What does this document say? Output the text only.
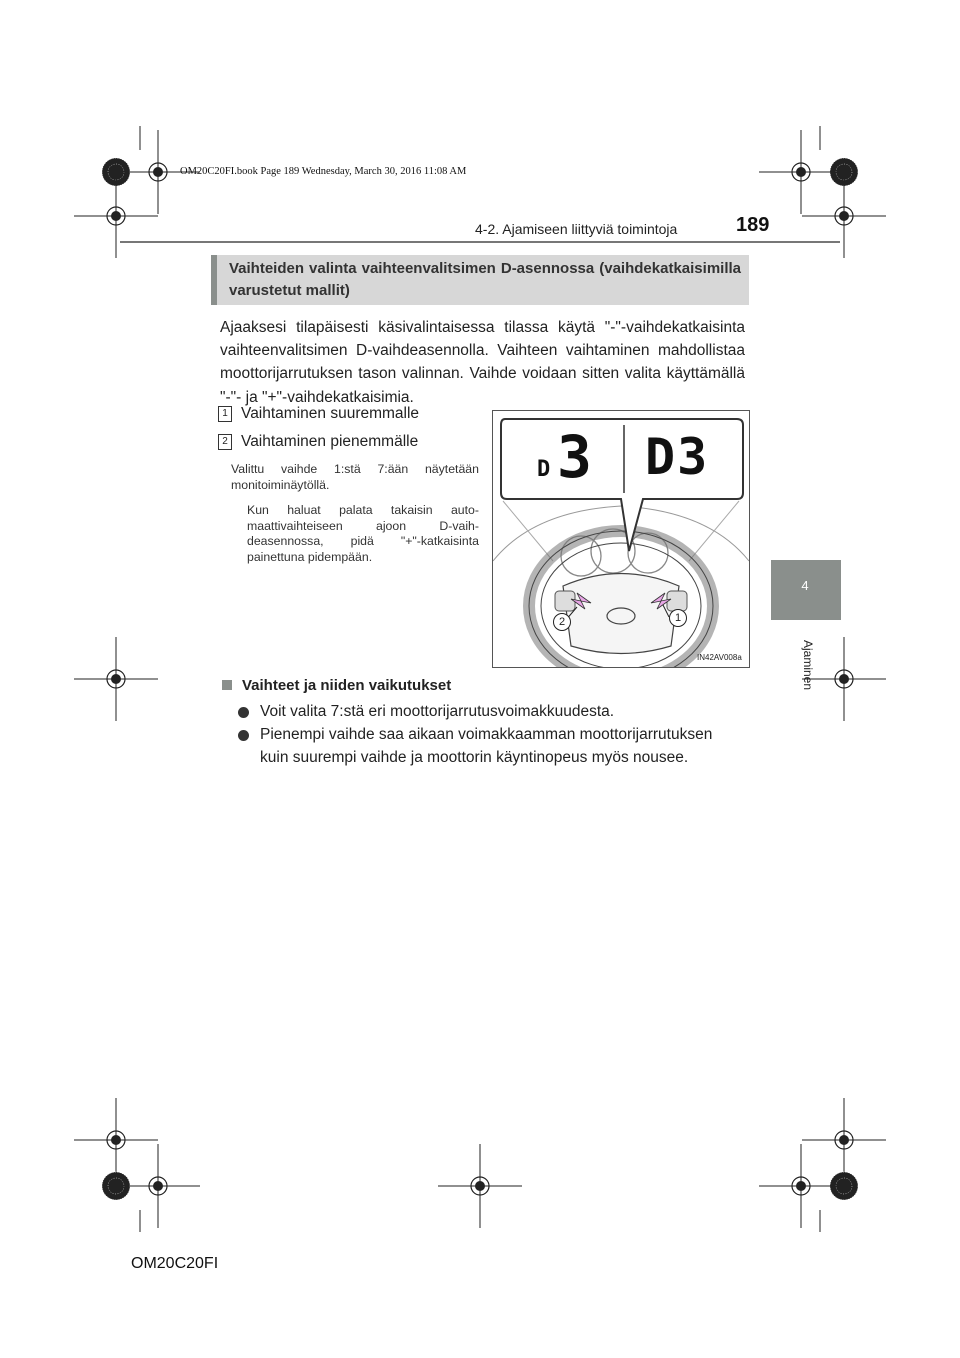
OM20C20FI.book Page 189 Wednesday, March 30, 2016 11:08 AM
4-2. Ajamiseen liittyviä toimintoja	189
4
Ajaminen
Vaihteiden valinta vaihteenvalitsimen D-asennossa (vaihdekatkaisimilla varustetut mallit)
Ajaaksesi tilapäisesti käsivalintaisessa tilassa käytä "-"-vaihdekatkaisinta vaihteenvalitsimen D-vaihdeasennolla. Vaihteen vaihtaminen mahdollistaa moottorijarrutuksen tason valinnan. Vaihde voidaan sitten valita käyttämällä "-"- ja "+"-vaihdekatkaisimia.
1 Vaihtaminen suuremmalle
2 Vaihtaminen pienemmälle
Valittu vaihde 1:stä 7:ään näytetään monitoiminäytöllä.
Kun haluat palata takaisin automaattivaihteiseen ajoon D-vaihdeasennossa, pidä "+"-katkaisinta painettuna pidempään.
D 3 D3
2	1
IN42AV008a
Vaihteet ja niiden vaikutukset
Voit valita 7:stä eri moottorijarrutusvoimakkuudesta.
Pienempi vaihde saa aikaan voimakkaamman moottorijarrutuksen kuin suurempi vaihde ja moottorin käyntinopeus myös nousee.
OM20C20FI
